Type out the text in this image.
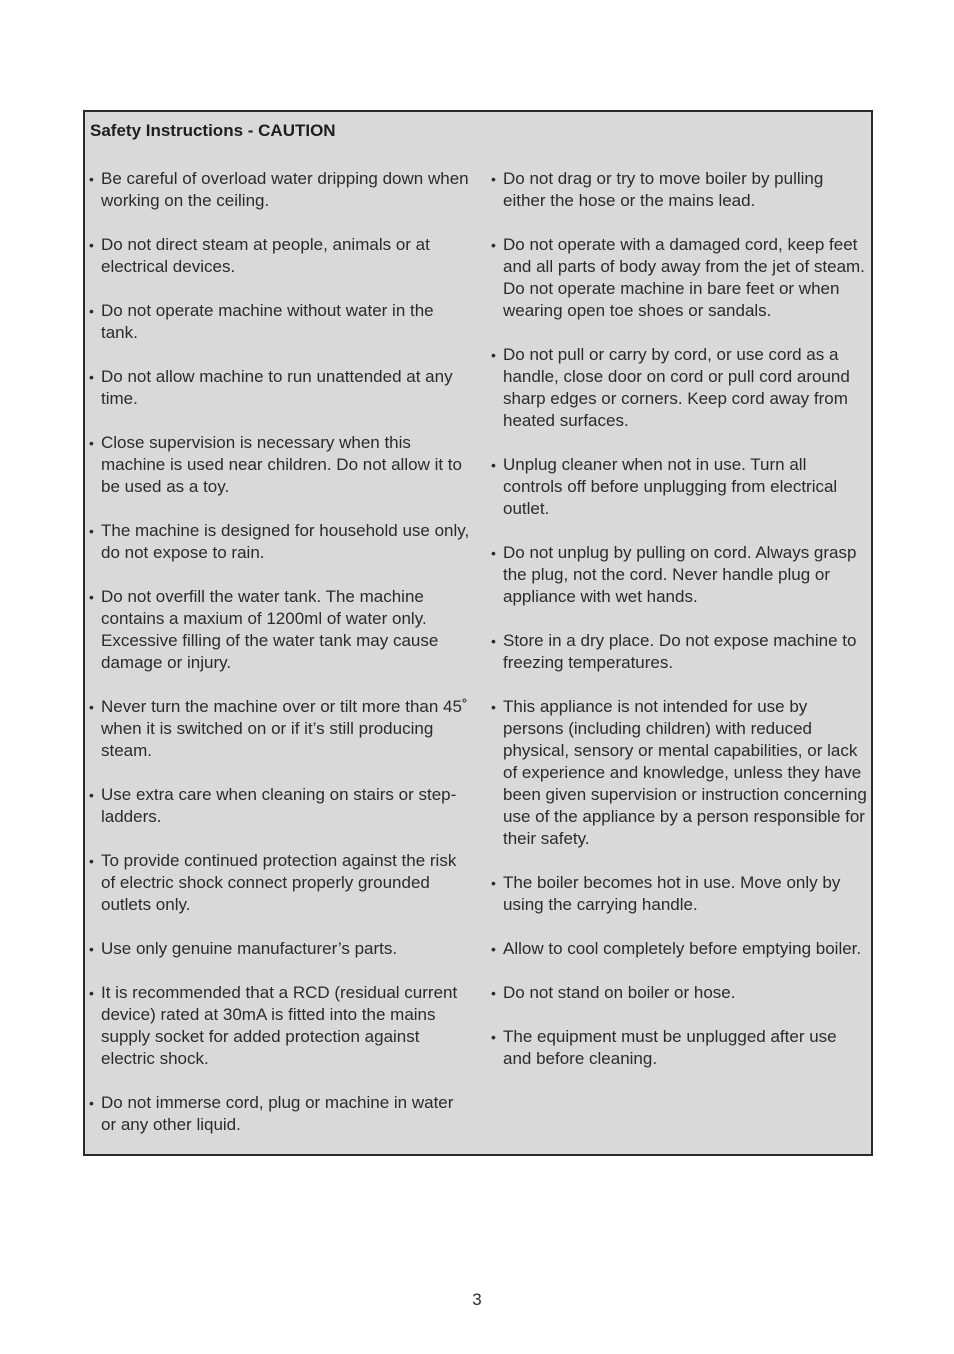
Safety Instructions - CAUTION
• Be careful of overload water dripping down when working on the ceiling.
• Do not direct steam at people, animals or at electrical devices.
• Do not operate machine without water in the tank.
• Do not allow machine to run unattended at any time.
• Close supervision is necessary when this machine is used near children. Do not allow it to be used as a toy.
• The machine is designed for household use only, do not expose to rain.
• Do not overfill the water tank. The machine contains a maxium of 1200ml of water only. Excessive filling of the water tank may cause damage or injury.
• Never turn the machine over or tilt more than 45˚ when it is switched on or if it’s still producing steam.
• Use extra care when cleaning on stairs or step-ladders.
• To provide continued protection against the risk of electric shock connect properly grounded outlets only.
• Use only genuine manufacturer’s parts.
• It is recommended that a RCD (residual current device) rated at 30mA is fitted into the mains supply socket for added protection against electric shock.
• Do not immerse cord, plug or machine in water or any other liquid.
• Do not drag or try to move boiler by pulling either the hose or the mains lead.
• Do not operate with a damaged cord, keep feet and all parts of body away from the jet of steam. Do not operate machine in bare feet or when wearing open toe shoes or sandals.
• Do not pull or carry by cord, or use cord as a handle, close door on cord or pull cord around sharp edges or corners. Keep cord away from heated surfaces.
• Unplug cleaner when not in use. Turn all controls off before unplugging from electrical outlet.
• Do not unplug by pulling on cord. Always grasp the plug, not the cord. Never handle plug or appliance with wet hands.
• Store in a dry place. Do not expose machine to freezing temperatures.
• This appliance is not intended for use by persons (including children) with reduced physical, sensory or mental capabilities, or lack of experience and knowledge, unless they have been given supervision or instruction concerning use of the appliance by a person responsible for their safety.
• The boiler becomes hot in use. Move only by using the carrying handle.
• Allow to cool completely before emptying boiler.
• Do not stand on boiler or hose.
• The equipment must be unplugged after use and before cleaning.
3
